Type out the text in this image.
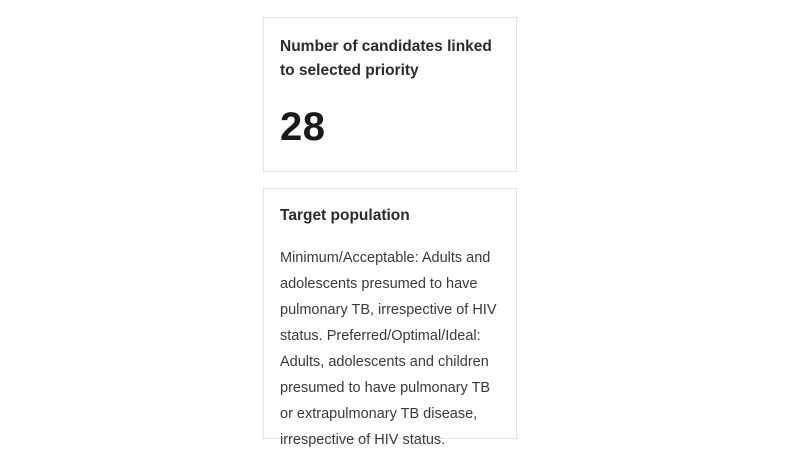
Number of candidates linked to selected priority

28

Target population

Minimum/Acceptable: Adults and adolescents presumed to have pulmonary TB, irrespective of HIV status. Preferred/Optimal/Ideal: Adults, adolescents and children presumed to have pulmonary TB or extrapulmonary TB disease, irrespective of HIV status.
